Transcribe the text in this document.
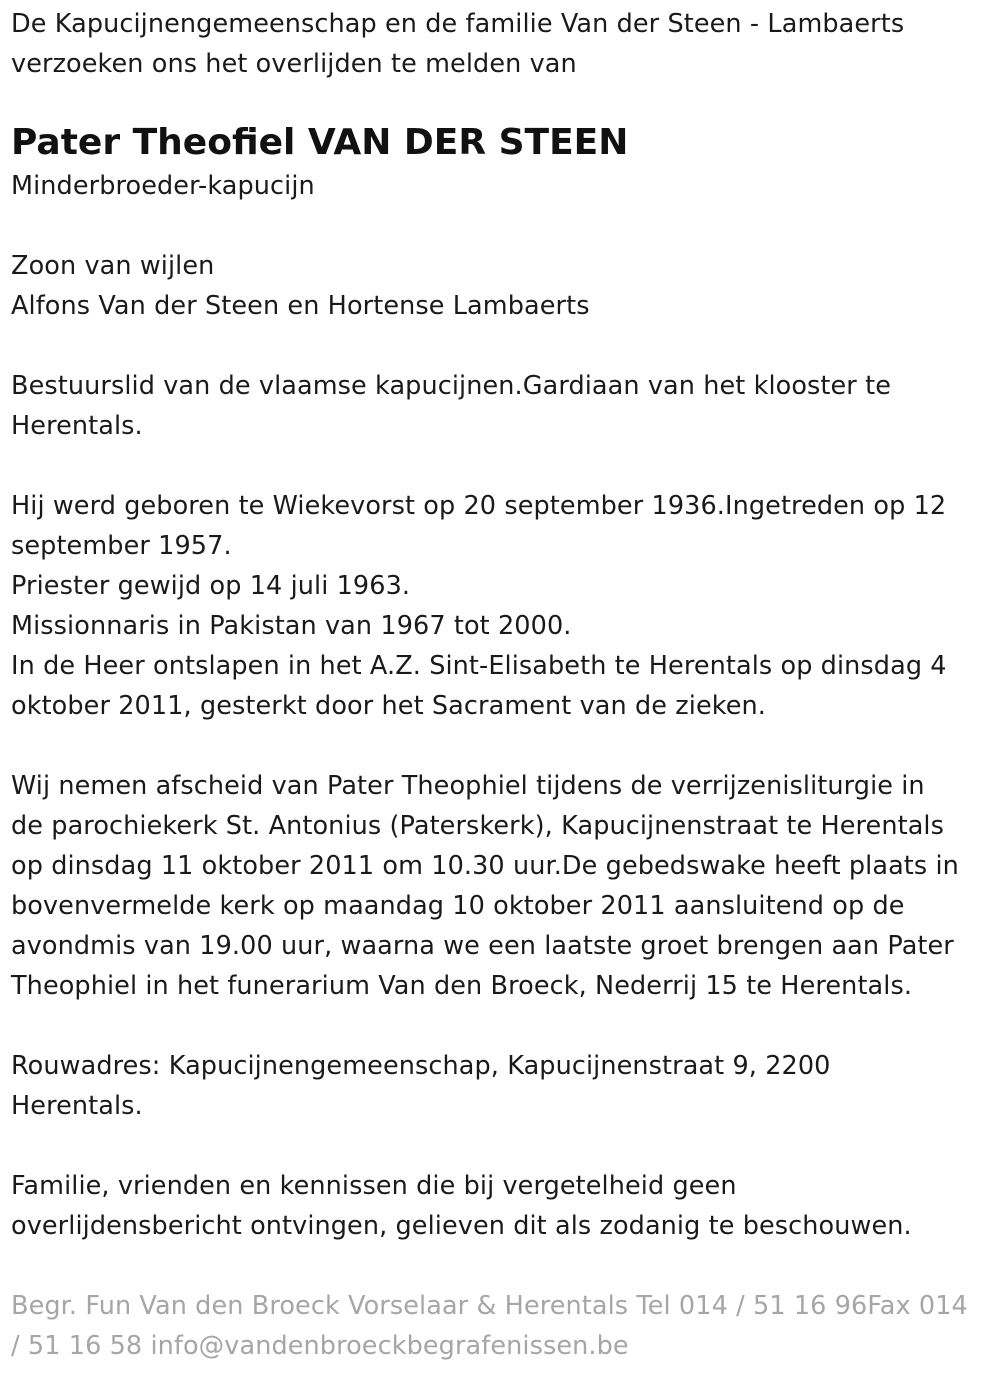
De Kapucijnengemeenschap en de familie Van der Steen - Lambaerts
verzoeken ons het overlijden te melden van

Pater Theofiel VAN DER STEEN

Minderbroeder-kapucijn

Zoon van wijlen
Alfons Van der Steen en Hortense Lambaerts

Bestuurslid van de vlaamse kapucijnen.Gardiaan van het klooster te
Herentals.

Hij werd geboren te Wiekevorst op 20 september 1936.Ingetreden op 12
september 1957.
Priester gewijd op 14 juli 1963.
Missionnaris in Pakistan van 1967 tot 2000.
In de Heer ontslapen in het A.Z. Sint-Elisabeth te Herentals op dinsdag 4
oktober 2011, gesterkt door het Sacrament van de zieken.

Wij nemen afscheid van Pater Theophiel tijdens de verrijzenisliturgie in
de parochiekerk St. Antonius (Paterskerk), Kapucijnenstraat te Herentals
op dinsdag 11 oktober 2011 om 10.30 uur.De gebedswake heeft plaats in
bovenvermelde kerk op maandag 10 oktober 2011 aansluitend op de
avondmis van 19.00 uur, waarna we een laatste groet brengen aan Pater
Theophiel in het funerarium Van den Broeck, Nederrij 15 te Herentals.

Rouwadres: Kapucijnengemeenschap, Kapucijnenstraat 9, 2200
Herentals.

Familie, vrienden en kennissen die bij vergetelheid geen
overlijdensbericht ontvingen, gelieven dit als zodanig te beschouwen.

Begr. Fun Van den Broeck Vorselaar & Herentals Tel 014 / 51 16 96Fax 014
/ 51 16 58 info@vandenbroeckbegrafenissen.be
